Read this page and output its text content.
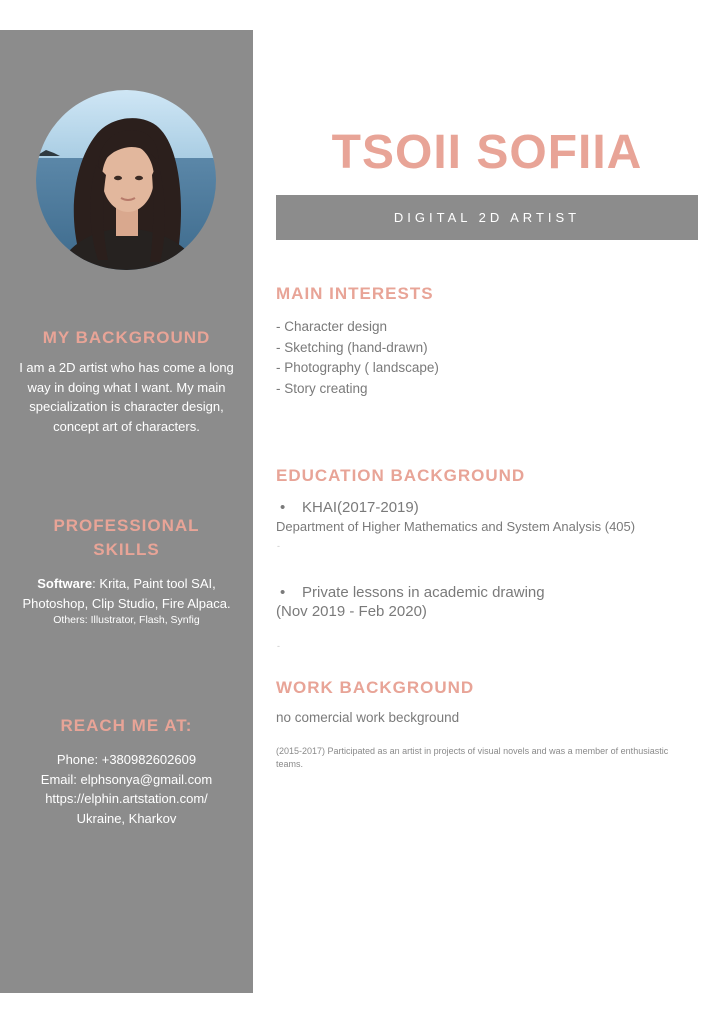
MY BACKGROUND

I am a 2D artist who has come a long way in doing what I want. My main specialization is character design, concept art of characters.

PROFESSIONAL SKILLS

Software: Krita, Paint tool SAI, Photoshop, Clip Studio, Fire Alpaca.

Others: Illustrator, Flash, Synfig

REACH ME AT:

Phone: +380982602609

Email: elphsonya@gmail.com

https://elphin.artstation.com/

Ukraine, Kharkov

TSOII SOFIIA

DIGITAL 2D ARTIST

MAIN INTERESTS

- Character design
- Sketching (hand-drawn)
- Photography ( landscape)
- Story creating

EDUCATION BACKGROUND

• KHAI(2017-2019)
Department of Higher Mathematics and System Analysis (405)
-
• Private lessons in academic drawing
(Nov 2019 - Feb 2020)
-

WORK BACKGROUND

no comercial work beckground
(2015-2017) Participated as an artist in projects of visual novels and was a member of enthusiastic teams.
